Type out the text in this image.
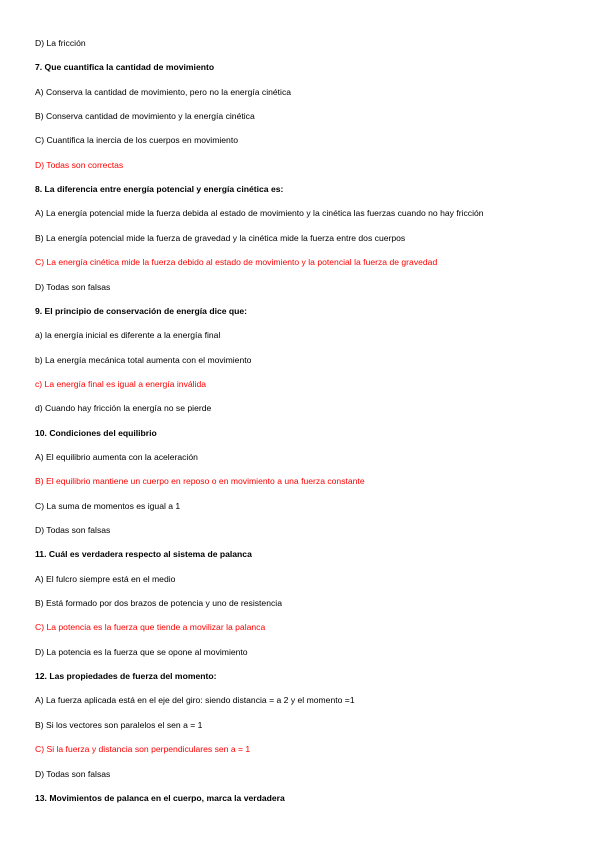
D) La fricción
7. Que cuantifica la cantidad de movimiento
A) Conserva la cantidad de movimiento, pero no la energía cinética
B) Conserva cantidad de movimiento y la energía cinética
C) Cuantifica la inercia de los cuerpos en movimiento
D) Todas son correctas
8. La diferencia entre energía potencial y energía cinética es:
A) La energía potencial mide la fuerza debida al estado de movimiento y la cinética las fuerzas cuando no hay fricción
B) La energía potencial mide la fuerza de gravedad y la cinética mide la fuerza entre dos cuerpos
C) La energía cinética mide la fuerza debido al estado de movimiento y la potencial la fuerza de gravedad
D) Todas son falsas
9. El principio de conservación de energía dice que:
a) la energía inicial es diferente a la energía final
b) La energía mecánica total aumenta con el movimiento
c) La energía final es igual a energía inválida
d) Cuando hay fricción la energía no se pierde
10. Condiciones del equilibrio
A) El equilibrio aumenta con la aceleración
B) El equilibrio mantiene un cuerpo en reposo o en movimiento a una fuerza constante
C) La suma de momentos es igual a 1
D) Todas son falsas
11. Cuál es verdadera respecto al sistema de palanca
A) El fulcro siempre está en el medio
B) Está formado por dos brazos de potencia y uno de resistencia
C) La potencia es la fuerza que tiende a movilizar la palanca
D) La potencia es la fuerza que se opone al movimiento
12. Las propiedades de fuerza del momento:
A) La fuerza aplicada está en el eje del giro: siendo distancia = a 2 y el momento =1
B) Si los vectores son paralelos el sen a = 1
C) Si la fuerza y distancia son perpendiculares sen a = 1
D) Todas son falsas
13. Movimientos de palanca en el cuerpo, marca la verdadera
